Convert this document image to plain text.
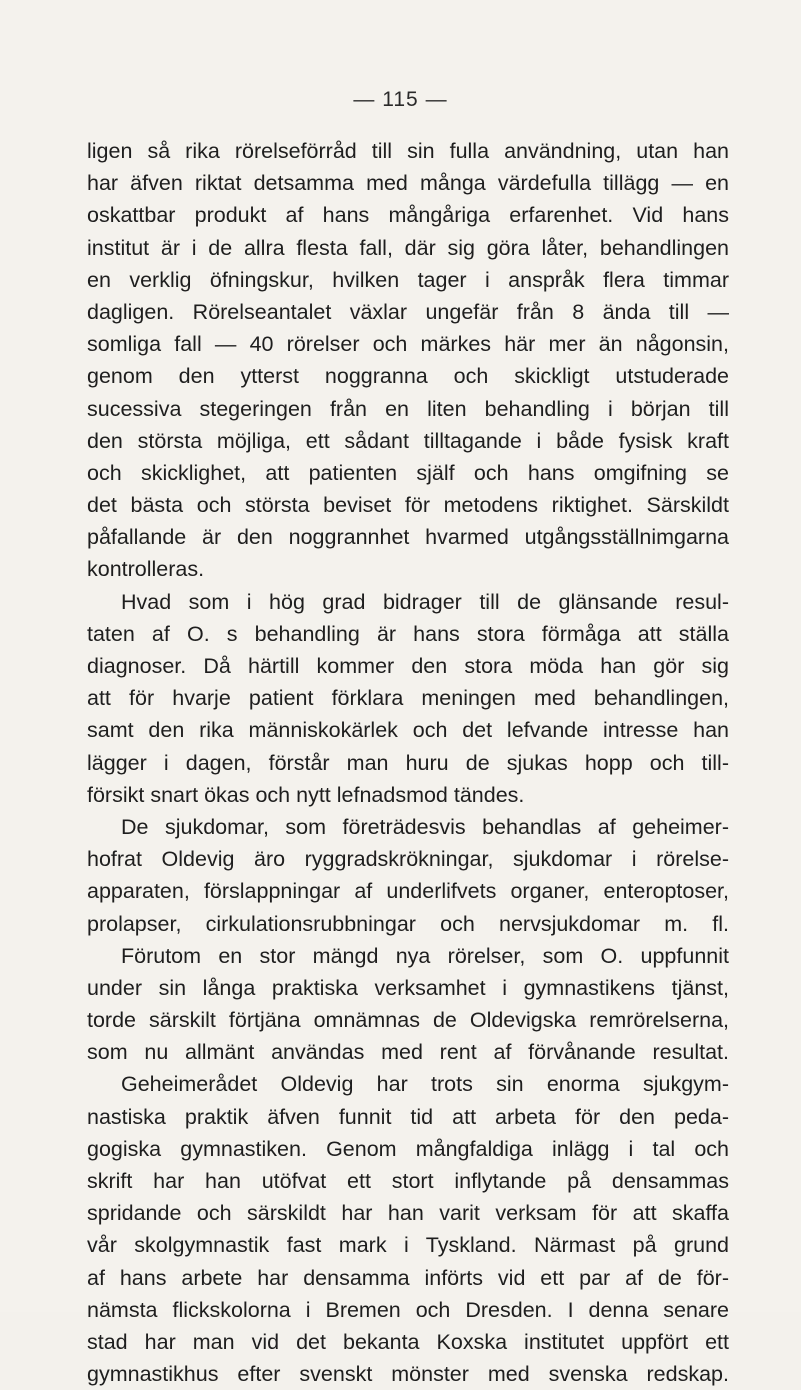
— 115 —
ligen så rika rörelseförråd till sin fulla användning, utan han
har äfven riktat detsamma med många värdefulla tillägg — en
oskattbar produkt af hans mångåriga erfarenhet. Vid hans
institut är i de allra flesta fall, där sig göra låter, behandlingen
en verklig öfningskur, hvilken tager i anspråk flera timmar
dagligen. Rörelseantalet växlar ungefär från 8 ända till —
somliga fall — 40 rörelser och märkes här mer än någonsin,
genom den ytterst noggranna och skickligt utstuderade
sucessiva stegeringen från en liten behandling i början till
den största möjliga, ett sådant tilltagande i både fysisk kraft
och skicklighet, att patienten själf och hans omgifning se
det bästa och största beviset för metodens riktighet. Särskildt
påfallande är den noggrannhet hvarmed utgångsställnimgarna
kontrolleras.
Hvad som i hög grad bidrager till de glänsande resul-
taten af O. s behandling är hans stora förmåga att ställa
diagnoser. Då härtill kommer den stora möda han gör sig
att för hvarje patient förklara meningen med behandlingen,
samt den rika människokärlek och det lefvande intresse han
lägger i dagen, förstår man huru de sjukas hopp och till-
försikt snart ökas och nytt lefnadsmod tändes.
De sjukdomar, som företrädesvis behandlas af geheimer-
hofrat Oldevig äro ryggradskrökningar, sjukdomar i rörelse-
apparaten, förslappningar af underlifvets organer, enteroptoser,
prolapser, cirkulationsrubbningar och nervsjukdomar m. fl.
Förutom en stor mängd nya rörelser, som O. uppfunnit
under sin långa praktiska verksamhet i gymnastikens tjänst,
torde särskilt förtjäna omnämnas de Oldevigska remrörelserna,
som nu allmänt användas med rent af förvånande resultat.
Geheimerådet Oldevig har trots sin enorma sjukgym-
nastiska praktik äfven funnit tid att arbeta för den peda-
gogiska gymnastiken. Genom mångfaldiga inlägg i tal och
skrift har han utöfvat ett stort inflytande på densammas
spridande och särskildt har han varit verksam för att skaffa
vår skolgymnastik fast mark i Tyskland. Närmast på grund
af hans arbete har densamma införts vid ett par af de för-
nämsta flickskolorna i Bremen och Dresden. I denna senare
stad har man vid det bekanta Koxska institutet uppfört ett
gymnastikhus efter svenskt mönster med svenska redskap.
